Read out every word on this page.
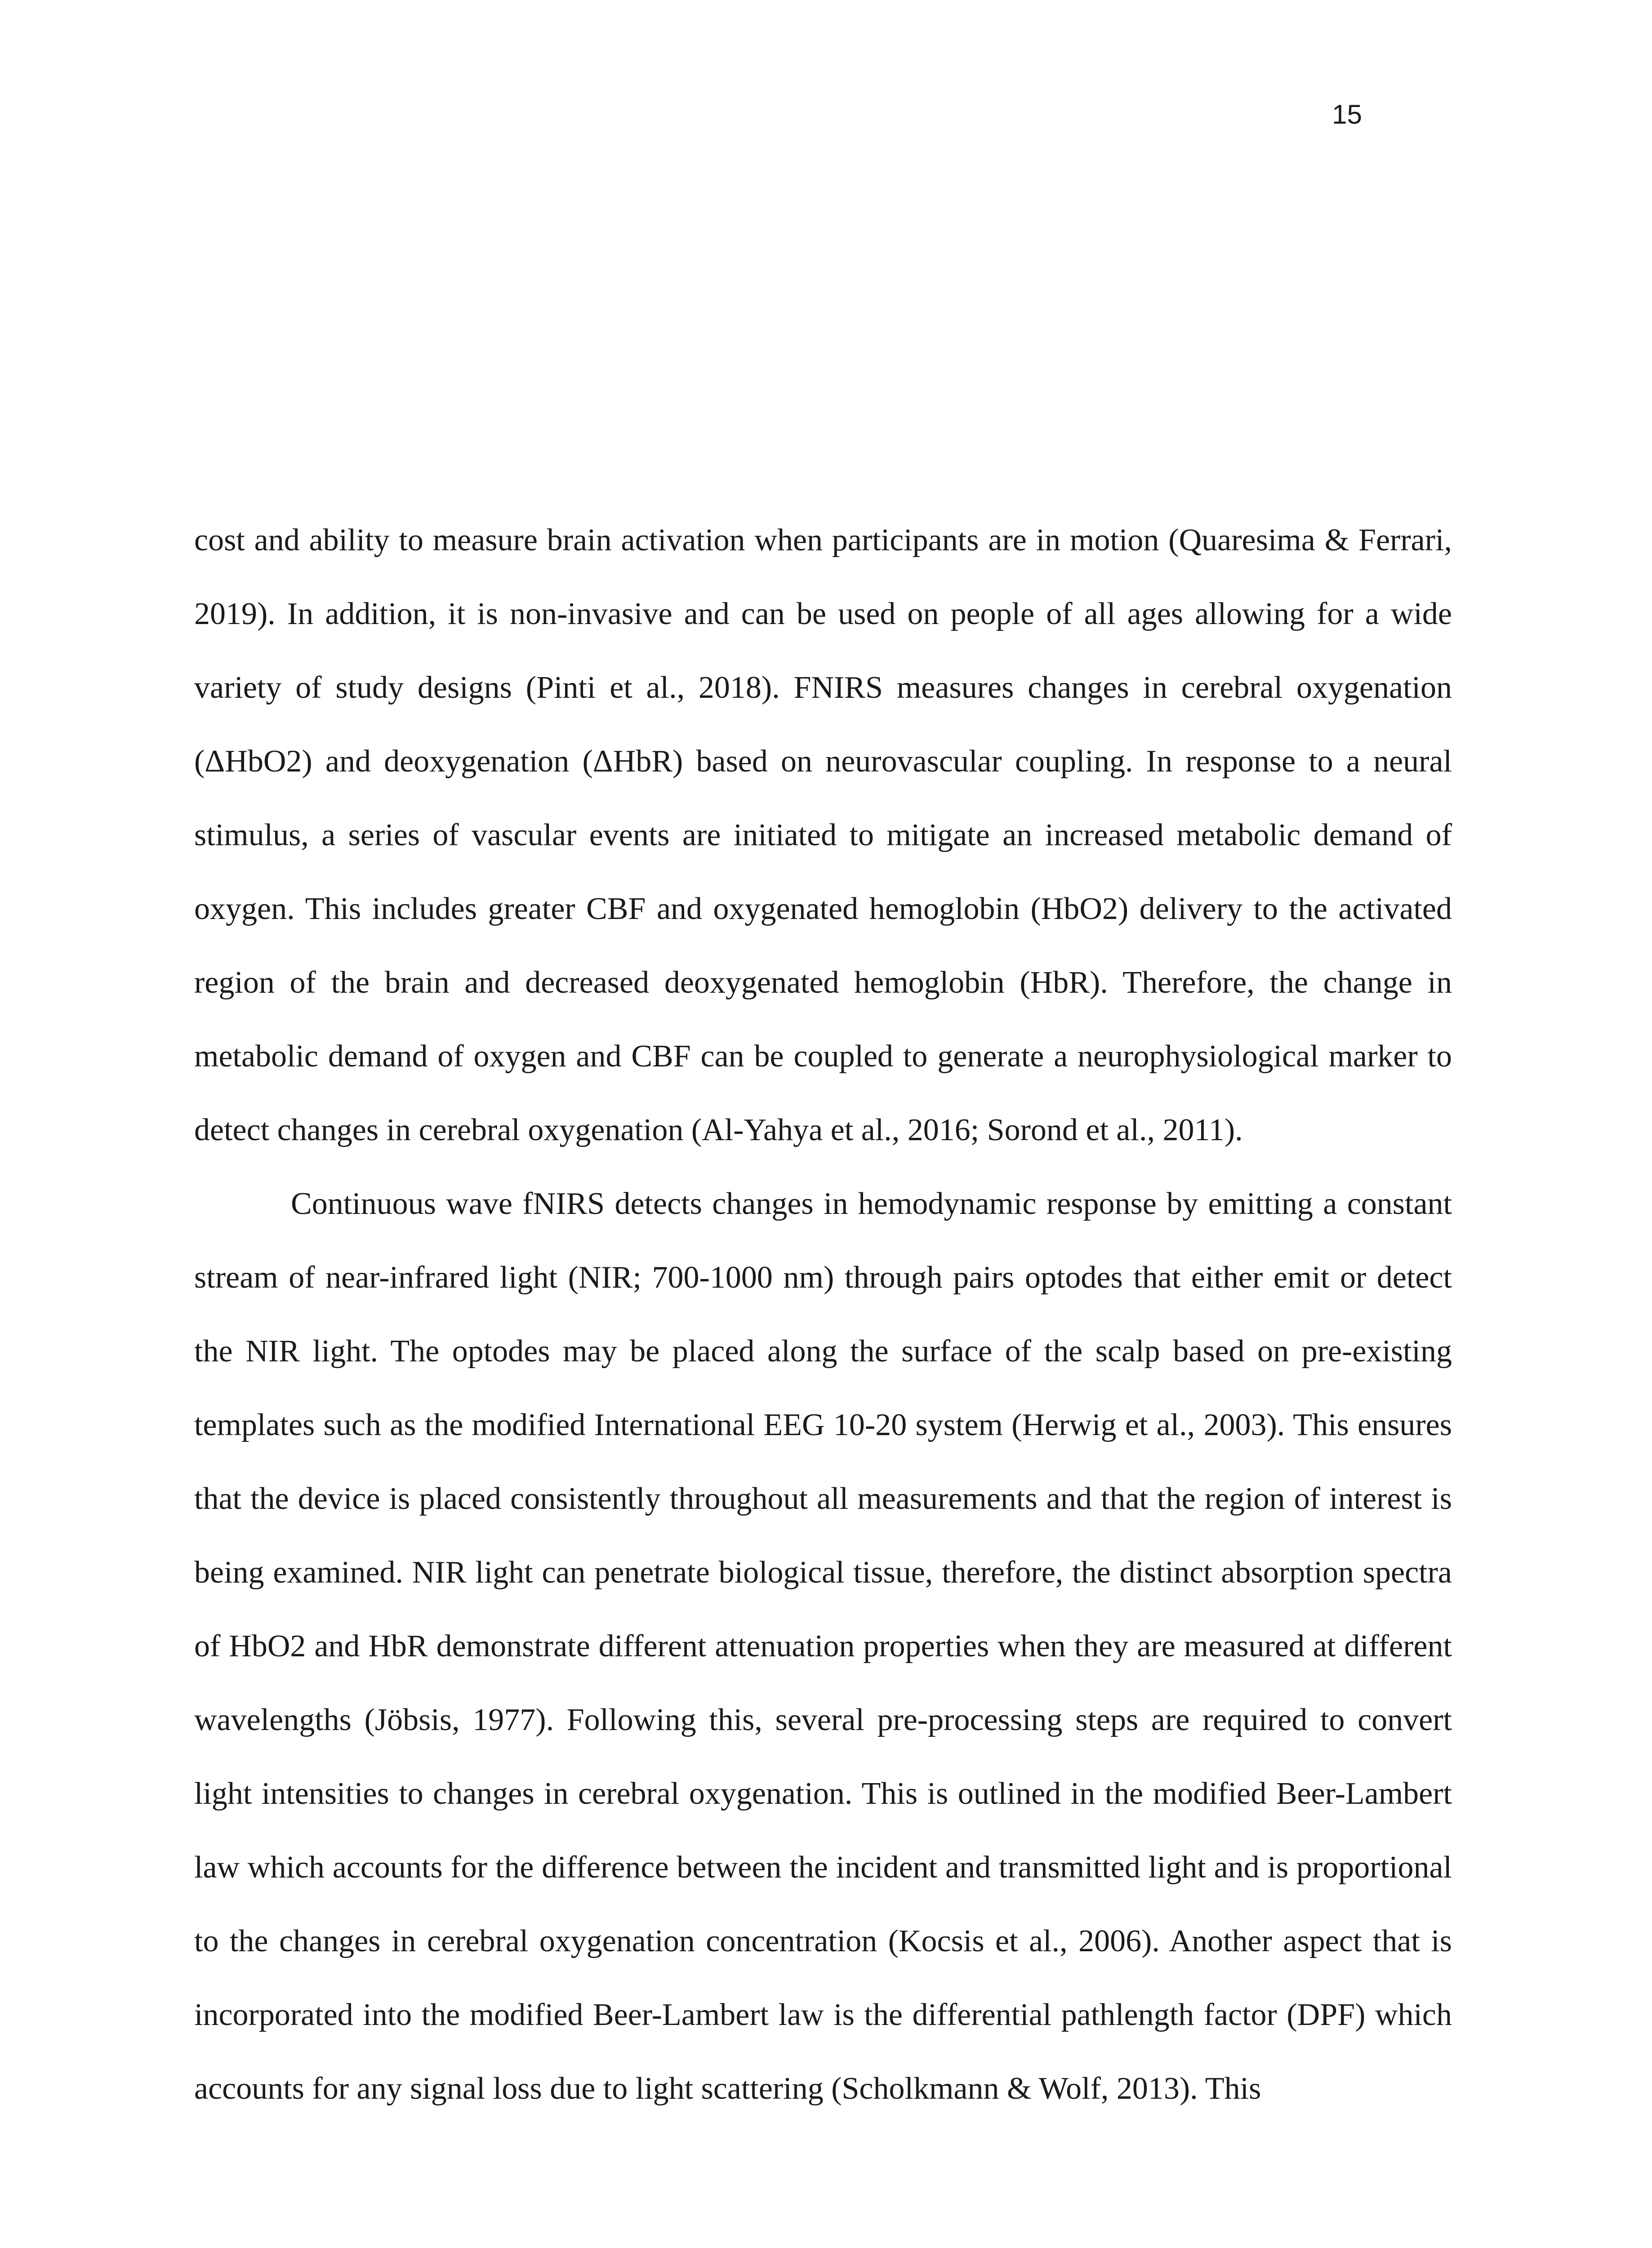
15

cost and ability to measure brain activation when participants are in motion (Quaresima & Ferrari, 2019). In addition, it is non-invasive and can be used on people of all ages allowing for a wide variety of study designs (Pinti et al., 2018). FNIRS measures changes in cerebral oxygenation (ΔHbO2) and deoxygenation (ΔHbR) based on neurovascular coupling. In response to a neural stimulus, a series of vascular events are initiated to mitigate an increased metabolic demand of oxygen. This includes greater CBF and oxygenated hemoglobin (HbO2) delivery to the activated region of the brain and decreased deoxygenated hemoglobin (HbR). Therefore, the change in metabolic demand of oxygen and CBF can be coupled to generate a neurophysiological marker to detect changes in cerebral oxygenation (Al-Yahya et al., 2016; Sorond et al., 2011).

Continuous wave fNIRS detects changes in hemodynamic response by emitting a constant stream of near-infrared light (NIR; 700-1000 nm) through pairs optodes that either emit or detect the NIR light. The optodes may be placed along the surface of the scalp based on pre-existing templates such as the modified International EEG 10-20 system (Herwig et al., 2003). This ensures that the device is placed consistently throughout all measurements and that the region of interest is being examined. NIR light can penetrate biological tissue, therefore, the distinct absorption spectra of HbO2 and HbR demonstrate different attenuation properties when they are measured at different wavelengths (Jöbsis, 1977). Following this, several pre-processing steps are required to convert light intensities to changes in cerebral oxygenation. This is outlined in the modified Beer-Lambert law which accounts for the difference between the incident and transmitted light and is proportional to the changes in cerebral oxygenation concentration (Kocsis et al., 2006). Another aspect that is incorporated into the modified Beer-Lambert law is the differential pathlength factor (DPF) which accounts for any signal loss due to light scattering (Scholkmann & Wolf, 2013). This
